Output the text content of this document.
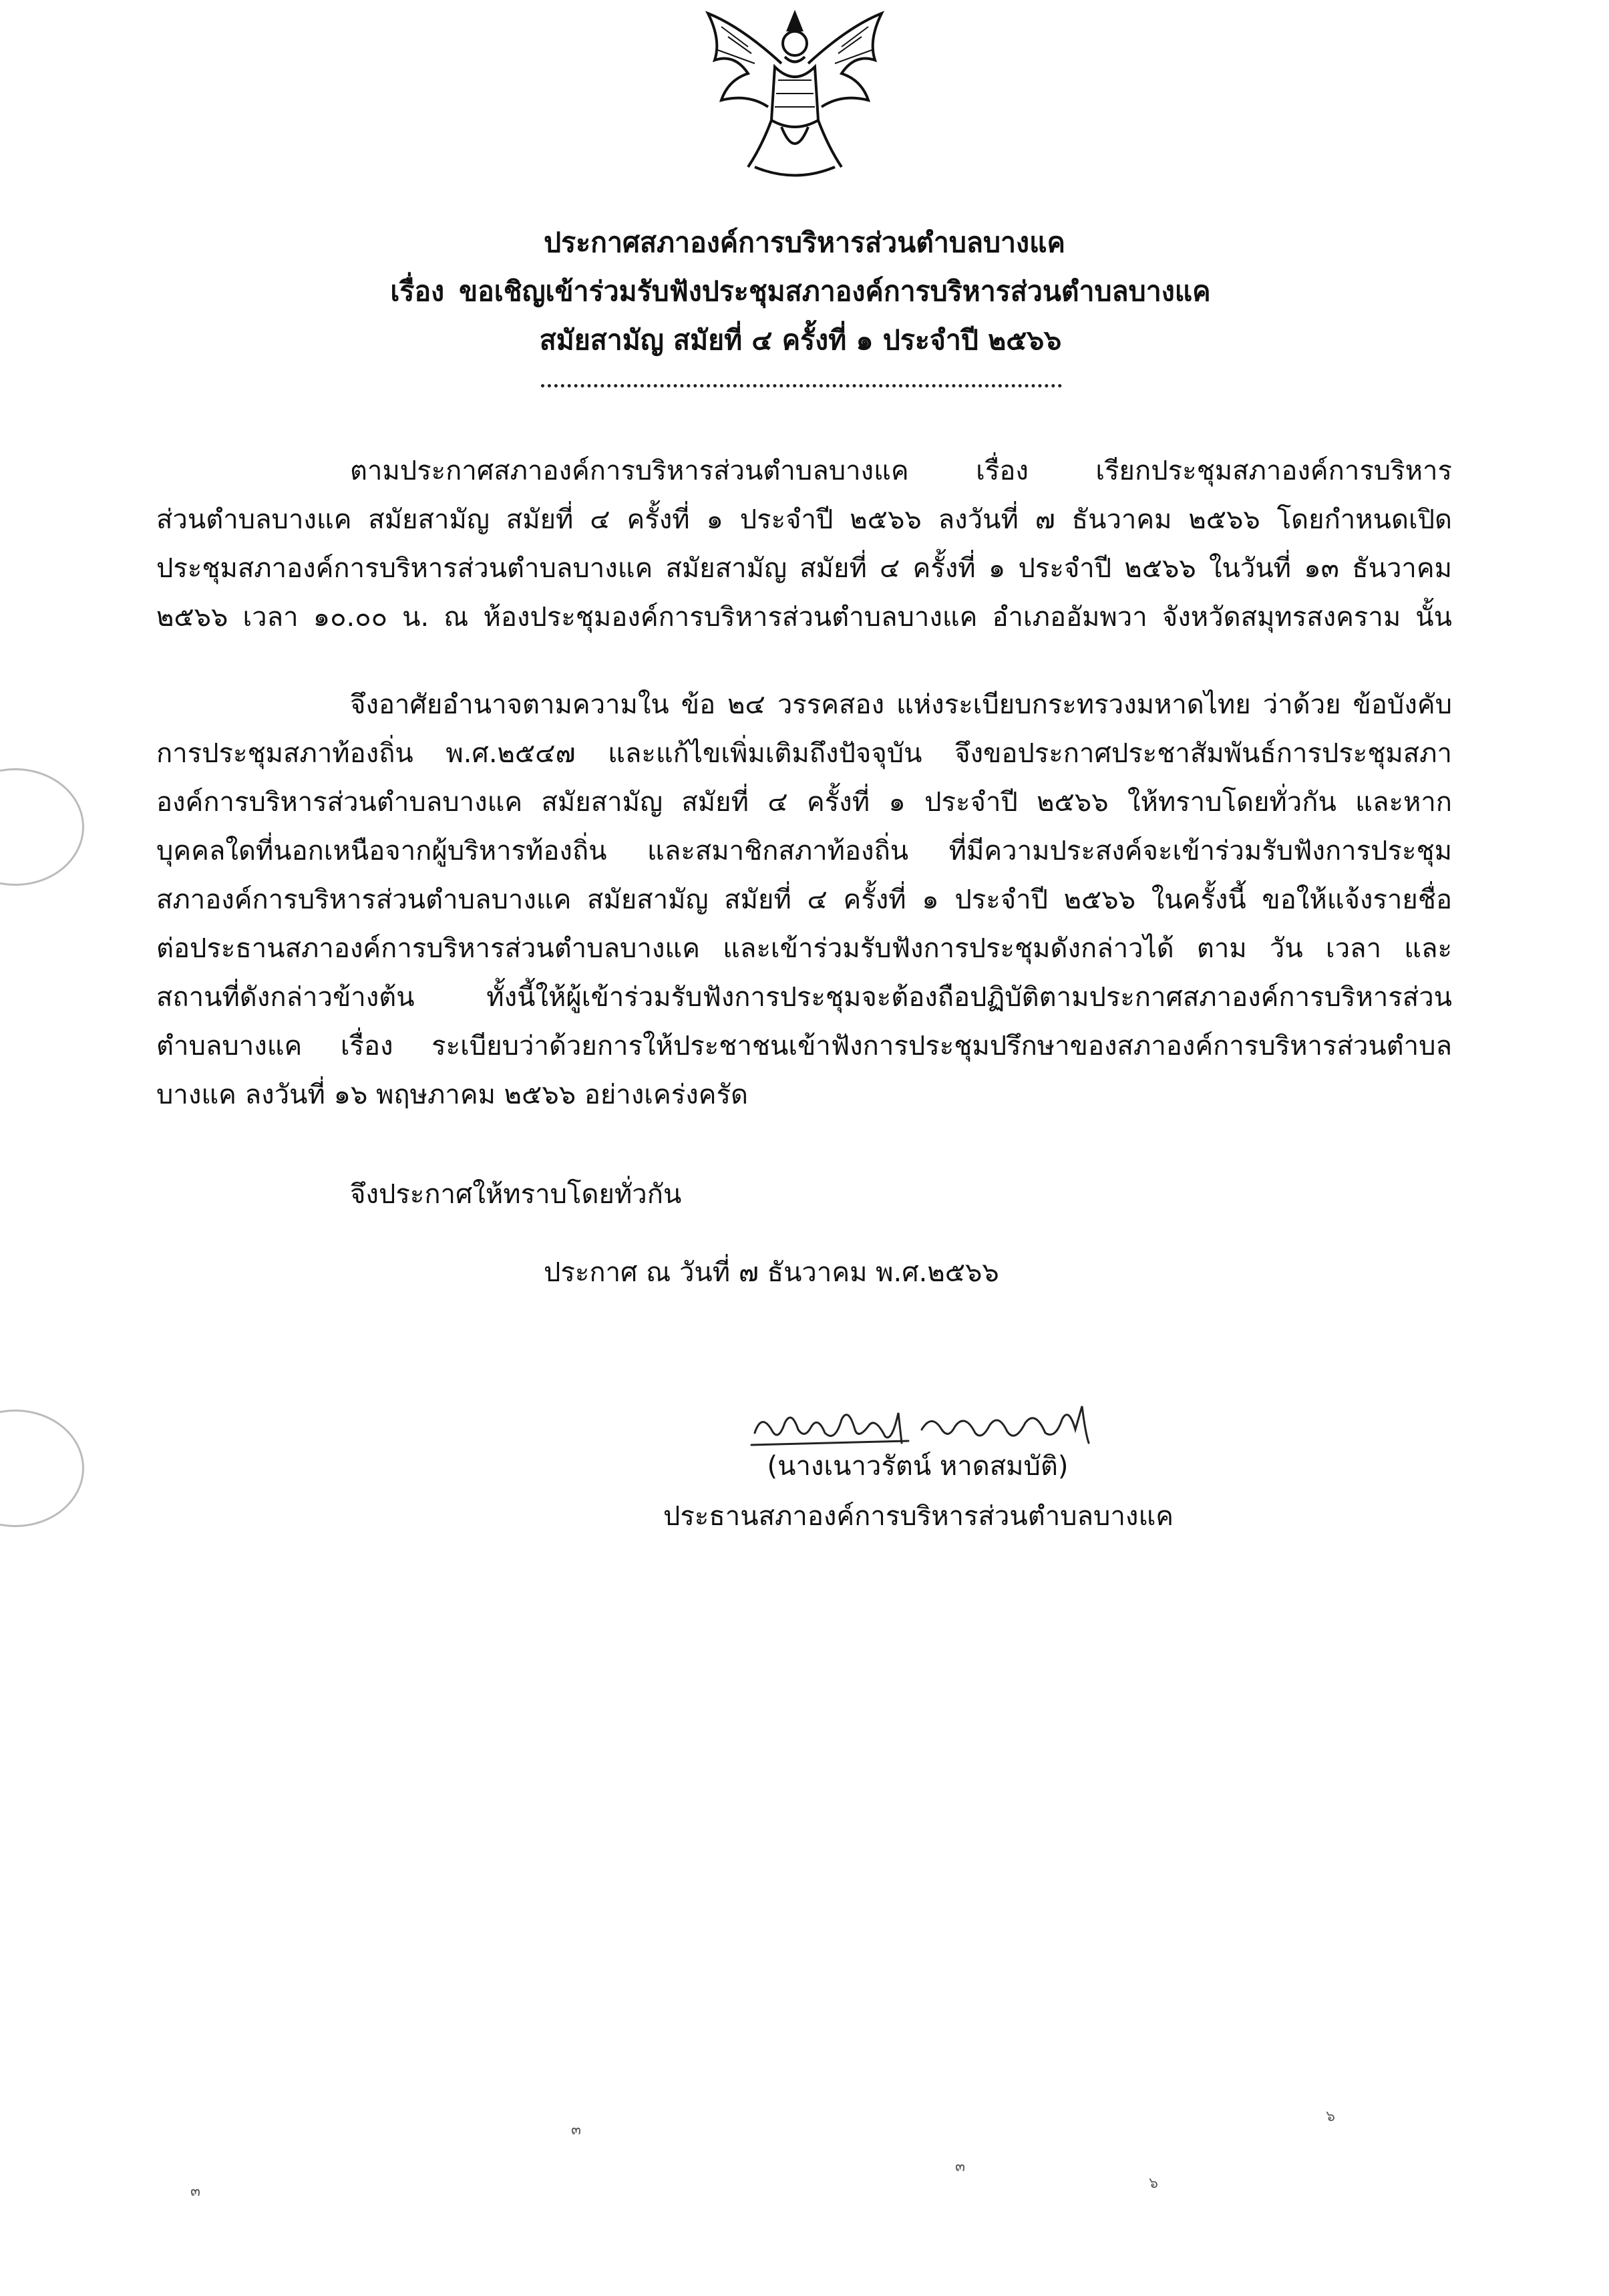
ประกาศสภาองค์การบริหารส่วนตำบลบางแค
เรื่อง ขอเชิญเข้าร่วมรับฟังประชุมสภาองค์การบริหารส่วนตำบลบางแค
สมัยสามัญ สมัยที่ ๔ ครั้งที่ ๑ ประจำปี ๒๕๖๖
ตามประกาศสภาองค์การบริหารส่วนตำบลบางแค เรื่อง เรียกประชุมสภาองค์การบริหาร
ส่วนตำบลบางแค สมัยสามัญ สมัยที่ ๔ ครั้งที่ ๑ ประจำปี ๒๕๖๖ ลงวันที่ ๗ ธันวาคม ๒๕๖๖ โดยกำหนดเปิด
ประชุมสภาองค์การบริหารส่วนตำบลบางแค สมัยสามัญ สมัยที่ ๔ ครั้งที่ ๑ ประจำปี ๒๕๖๖ ในวันที่ ๑๓ ธันวาคม
๒๕๖๖ เวลา ๑๐.๐๐ น. ณ ห้องประชุมองค์การบริหารส่วนตำบลบางแค อำเภออัมพวา จังหวัดสมุทรสงคราม นั้น
จึงอาศัยอำนาจตามความใน ข้อ ๒๔ วรรคสอง แห่งระเบียบกระทรวงมหาดไทย ว่าด้วย ข้อบังคับ
การประชุมสภาท้องถิ่น พ.ศ.๒๕๔๗ และแก้ไขเพิ่มเติมถึงปัจจุบัน จึงขอประกาศประชาสัมพันธ์การประชุมสภา
องค์การบริหารส่วนตำบลบางแค สมัยสามัญ สมัยที่ ๔ ครั้งที่ ๑ ประจำปี ๒๕๖๖ ให้ทราบโดยทั่วกัน และหาก
บุคคลใดที่นอกเหนือจากผู้บริหารท้องถิ่น และสมาชิกสภาท้องถิ่น ที่มีความประสงค์จะเข้าร่วมรับฟังการประชุม
สภาองค์การบริหารส่วนตำบลบางแค สมัยสามัญ สมัยที่ ๔ ครั้งที่ ๑ ประจำปี ๒๕๖๖ ในครั้งนี้ ขอให้แจ้งรายชื่อ
ต่อประธานสภาองค์การบริหารส่วนตำบลบางแค และเข้าร่วมรับฟังการประชุมดังกล่าวได้ ตาม วัน เวลา และ
สถานที่ดังกล่าวข้างต้น ทั้งนี้ให้ผู้เข้าร่วมรับฟังการประชุมจะต้องถือปฏิบัติตามประกาศสภาองค์การบริหารส่วน
ตำบลบางแค เรื่อง ระเบียบว่าด้วยการให้ประชาชนเข้าฟังการประชุมปรึกษาของสภาองค์การบริหารส่วนตำบล
บางแค ลงวันที่ ๑๖ พฤษภาคม ๒๕๖๖ อย่างเคร่งครัด
จึงประกาศให้ทราบโดยทั่วกัน
ประกาศ ณ วันที่ ๗ ธันวาคม พ.ศ.๒๕๖๖
(นางเนาวรัตน์ หาดสมบัติ)
ประธานสภาองค์การบริหารส่วนตำบลบางแค
๓
๖
๓
๖
๓
